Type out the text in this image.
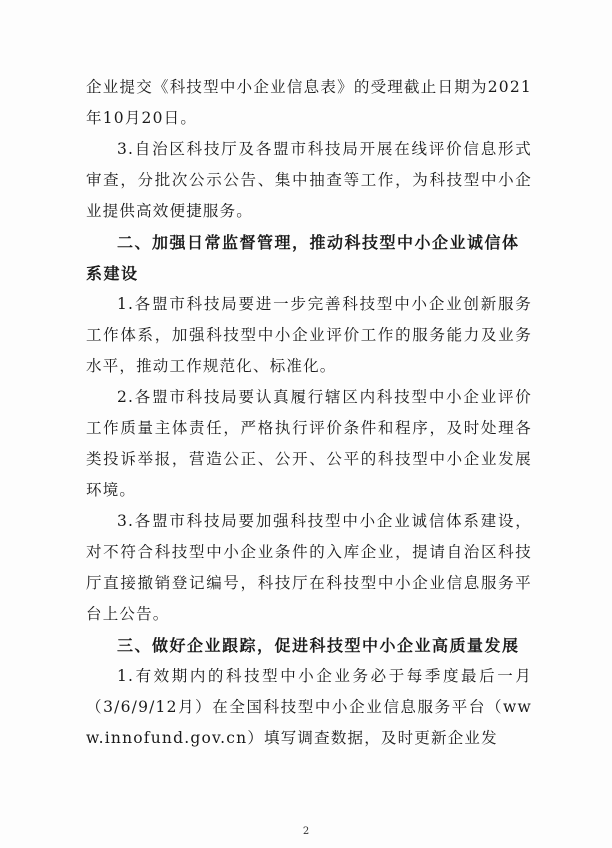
企业提交《科技型中小企业信息表》的受理截止日期为2021年10月20日。

3.自治区科技厅及各盟市科技局开展在线评价信息形式审查，分批次公示公告、集中抽查等工作，为科技型中小企业提供高效便捷服务。

二、加强日常监督管理，推动科技型中小企业诚信体系建设

1.各盟市科技局要进一步完善科技型中小企业创新服务工作体系，加强科技型中小企业评价工作的服务能力及业务水平，推动工作规范化、标准化。

2.各盟市科技局要认真履行辖区内科技型中小企业评价工作质量主体责任，严格执行评价条件和程序，及时处理各类投诉举报，营造公正、公开、公平的科技型中小企业发展环境。

3.各盟市科技局要加强科技型中小企业诚信体系建设，对不符合科技型中小企业条件的入库企业，提请自治区科技厅直接撤销登记编号，科技厅在科技型中小企业信息服务平台上公告。

三、做好企业跟踪，促进科技型中小企业高质量发展

1.有效期内的科技型中小企业务必于每季度最后一月（3/6/9/12月）在全国科技型中小企业信息服务平台（www.innofund.gov.cn）填写调查数据，及时更新企业发

2
